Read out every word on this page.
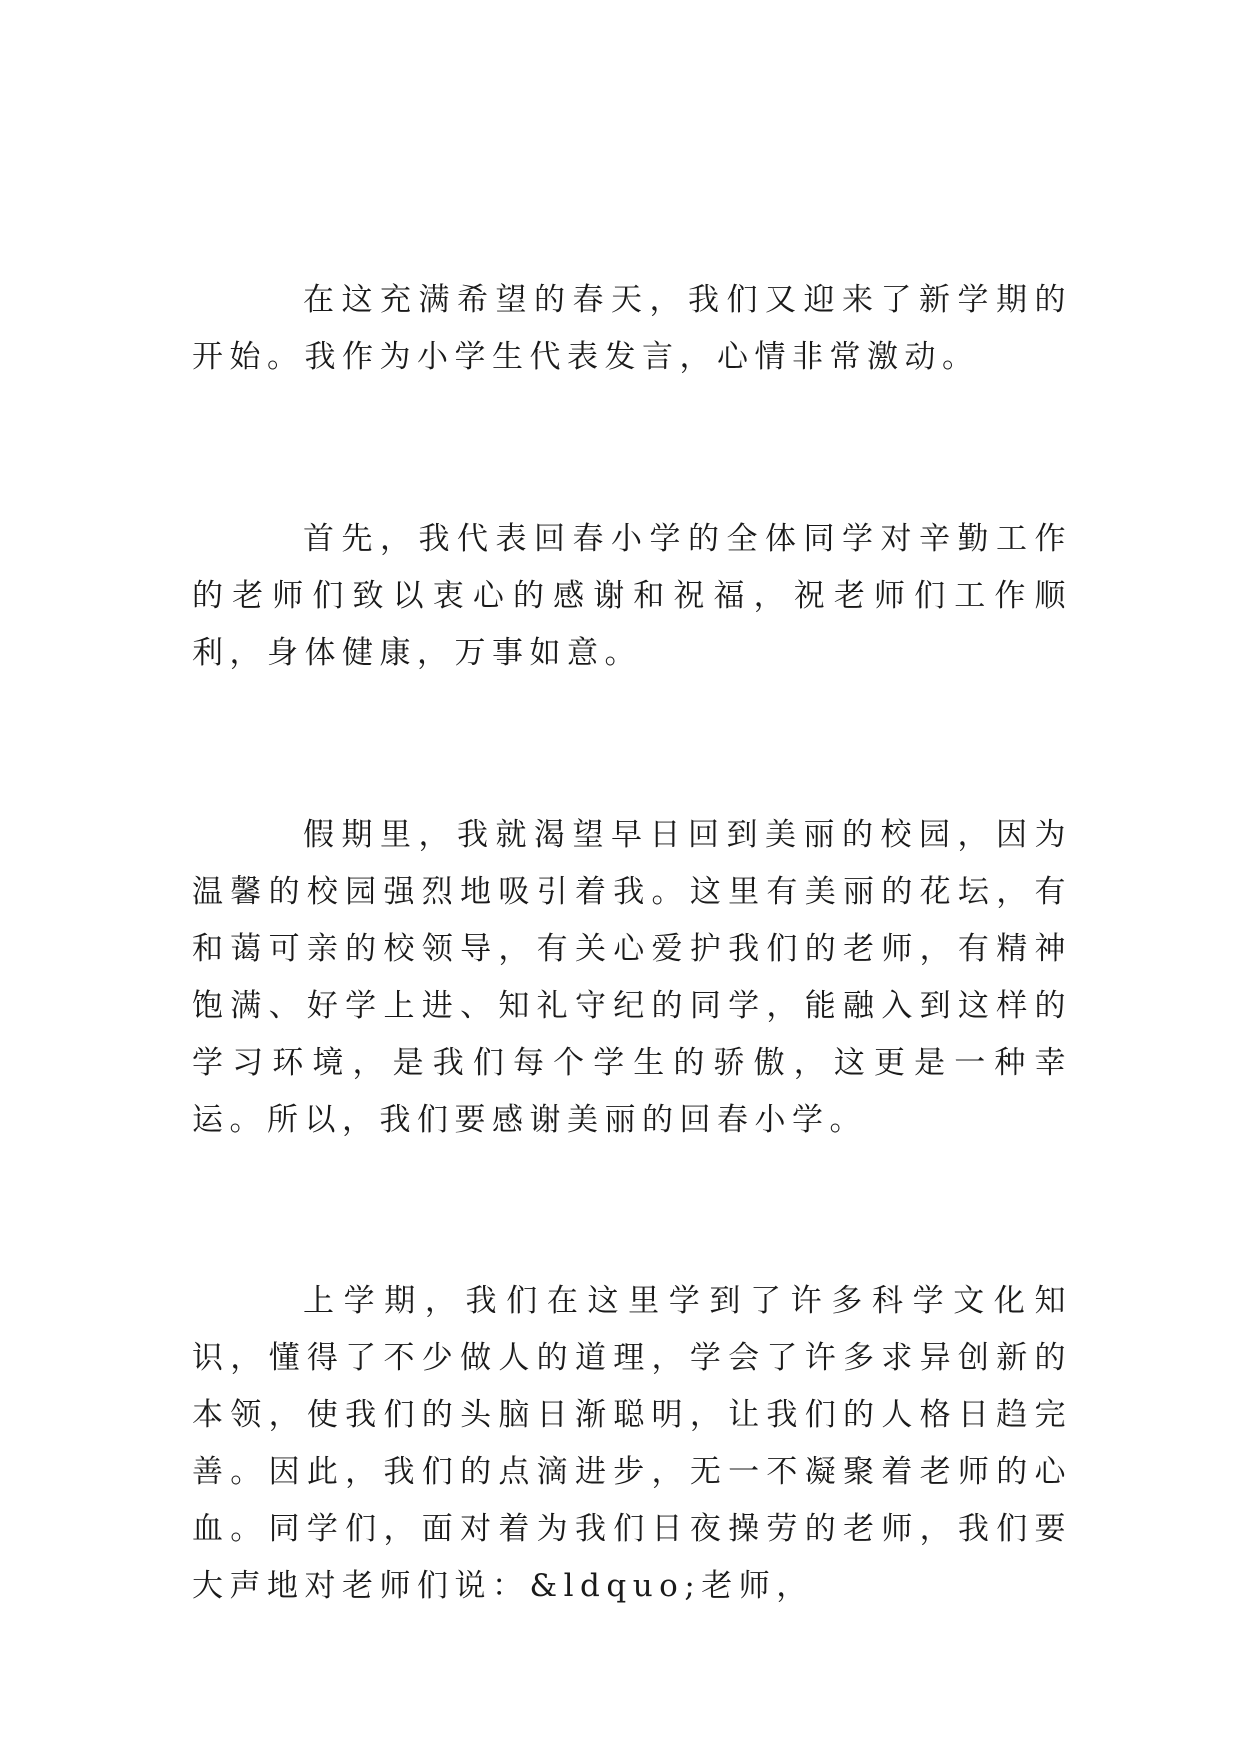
在这充满希望的春天，我们又迎来了新学期的开始。我作为小学生代表发言，心情非常激动。

首先，我代表回春小学的全体同学对辛勤工作的老师们致以衷心的感谢和祝福，祝老师们工作顺利，身体健康，万事如意。

假期里，我就渴望早日回到美丽的校园，因为温馨的校园强烈地吸引着我。这里有美丽的花坛，有和蔼可亲的校领导，有关心爱护我们的老师，有精神饱满、好学上进、知礼守纪的同学，能融入到这样的学习环境，是我们每个学生的骄傲，这更是一种幸运。所以，我们要感谢美丽的回春小学。

上学期，我们在这里学到了许多科学文化知识，懂得了不少做人的道理，学会了许多求异创新的本领，使我们的头脑日渐聪明，让我们的人格日趋完善。因此，我们的点滴进步，无一不凝聚着老师的心血。同学们，面对着为我们日夜操劳的老师，我们要大声地对老师们说：&ldquo;老师，
